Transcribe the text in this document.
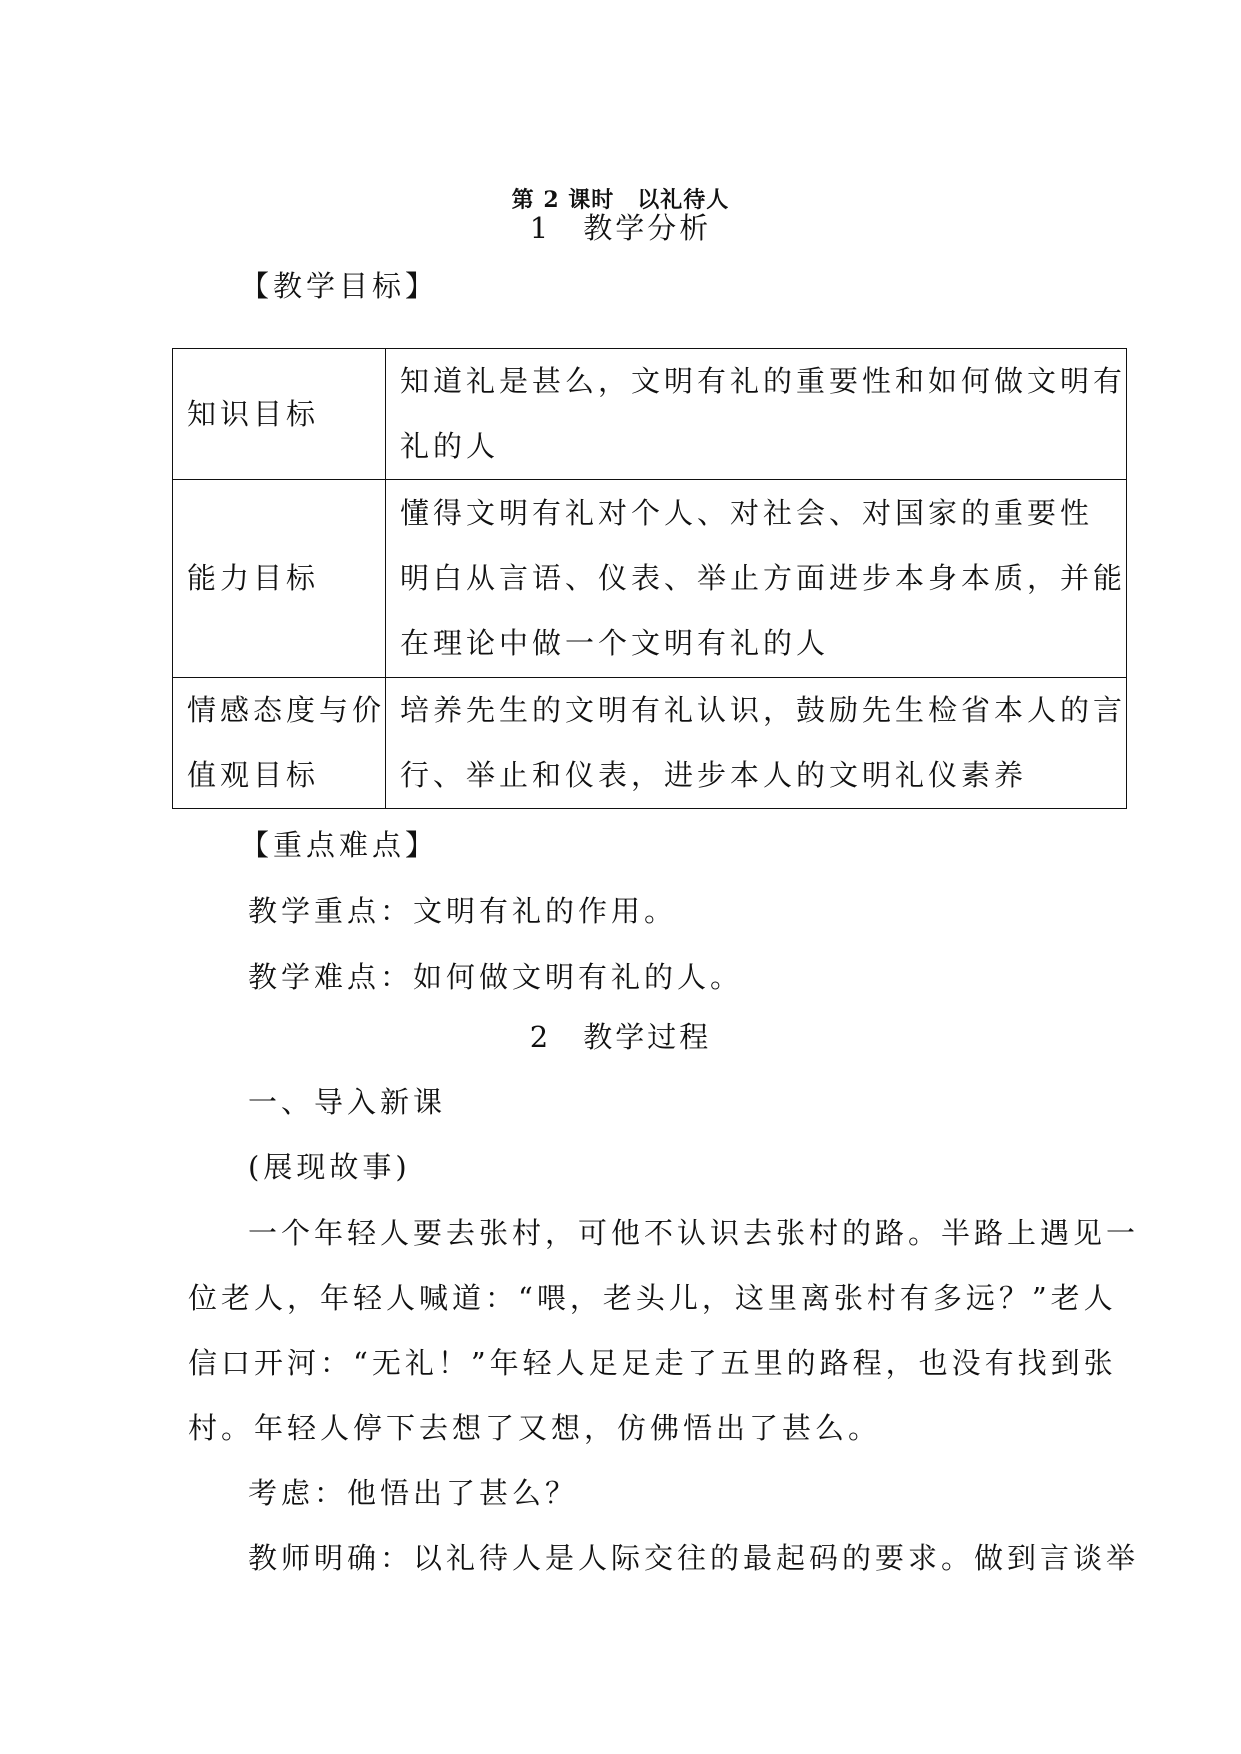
第 2 课时　以礼待人
1　教学分析
【教学目标】
知识目标	知道礼是甚么，文明有礼的重要性和如何做文明有
礼的人

能力目标	懂得文明有礼对个人、对社会、对国家的重要性
明白从言语、仪表、举止方面进步本身本质，并能
在理论中做一个文明有礼的人

情感态度与价
值观目标	培养先生的文明有礼认识，鼓励先生检省本人的言
行、举止和仪表，进步本人的文明礼仪素养
【重点难点】
教学重点：文明有礼的作用。
教学难点：如何做文明有礼的人。
2　教学过程
一、导入新课
(展现故事)
一个年轻人要去张村，可他不认识去张村的路。半路上遇见一
位老人，年轻人喊道：“喂，老头儿，这里离张村有多远？”老人
信口开河：“无礼！”年轻人足足走了五里的路程，也没有找到张
村。年轻人停下去想了又想，仿佛悟出了甚么。
考虑：他悟出了甚么？
教师明确：以礼待人是人际交往的最起码的要求。做到言谈举
